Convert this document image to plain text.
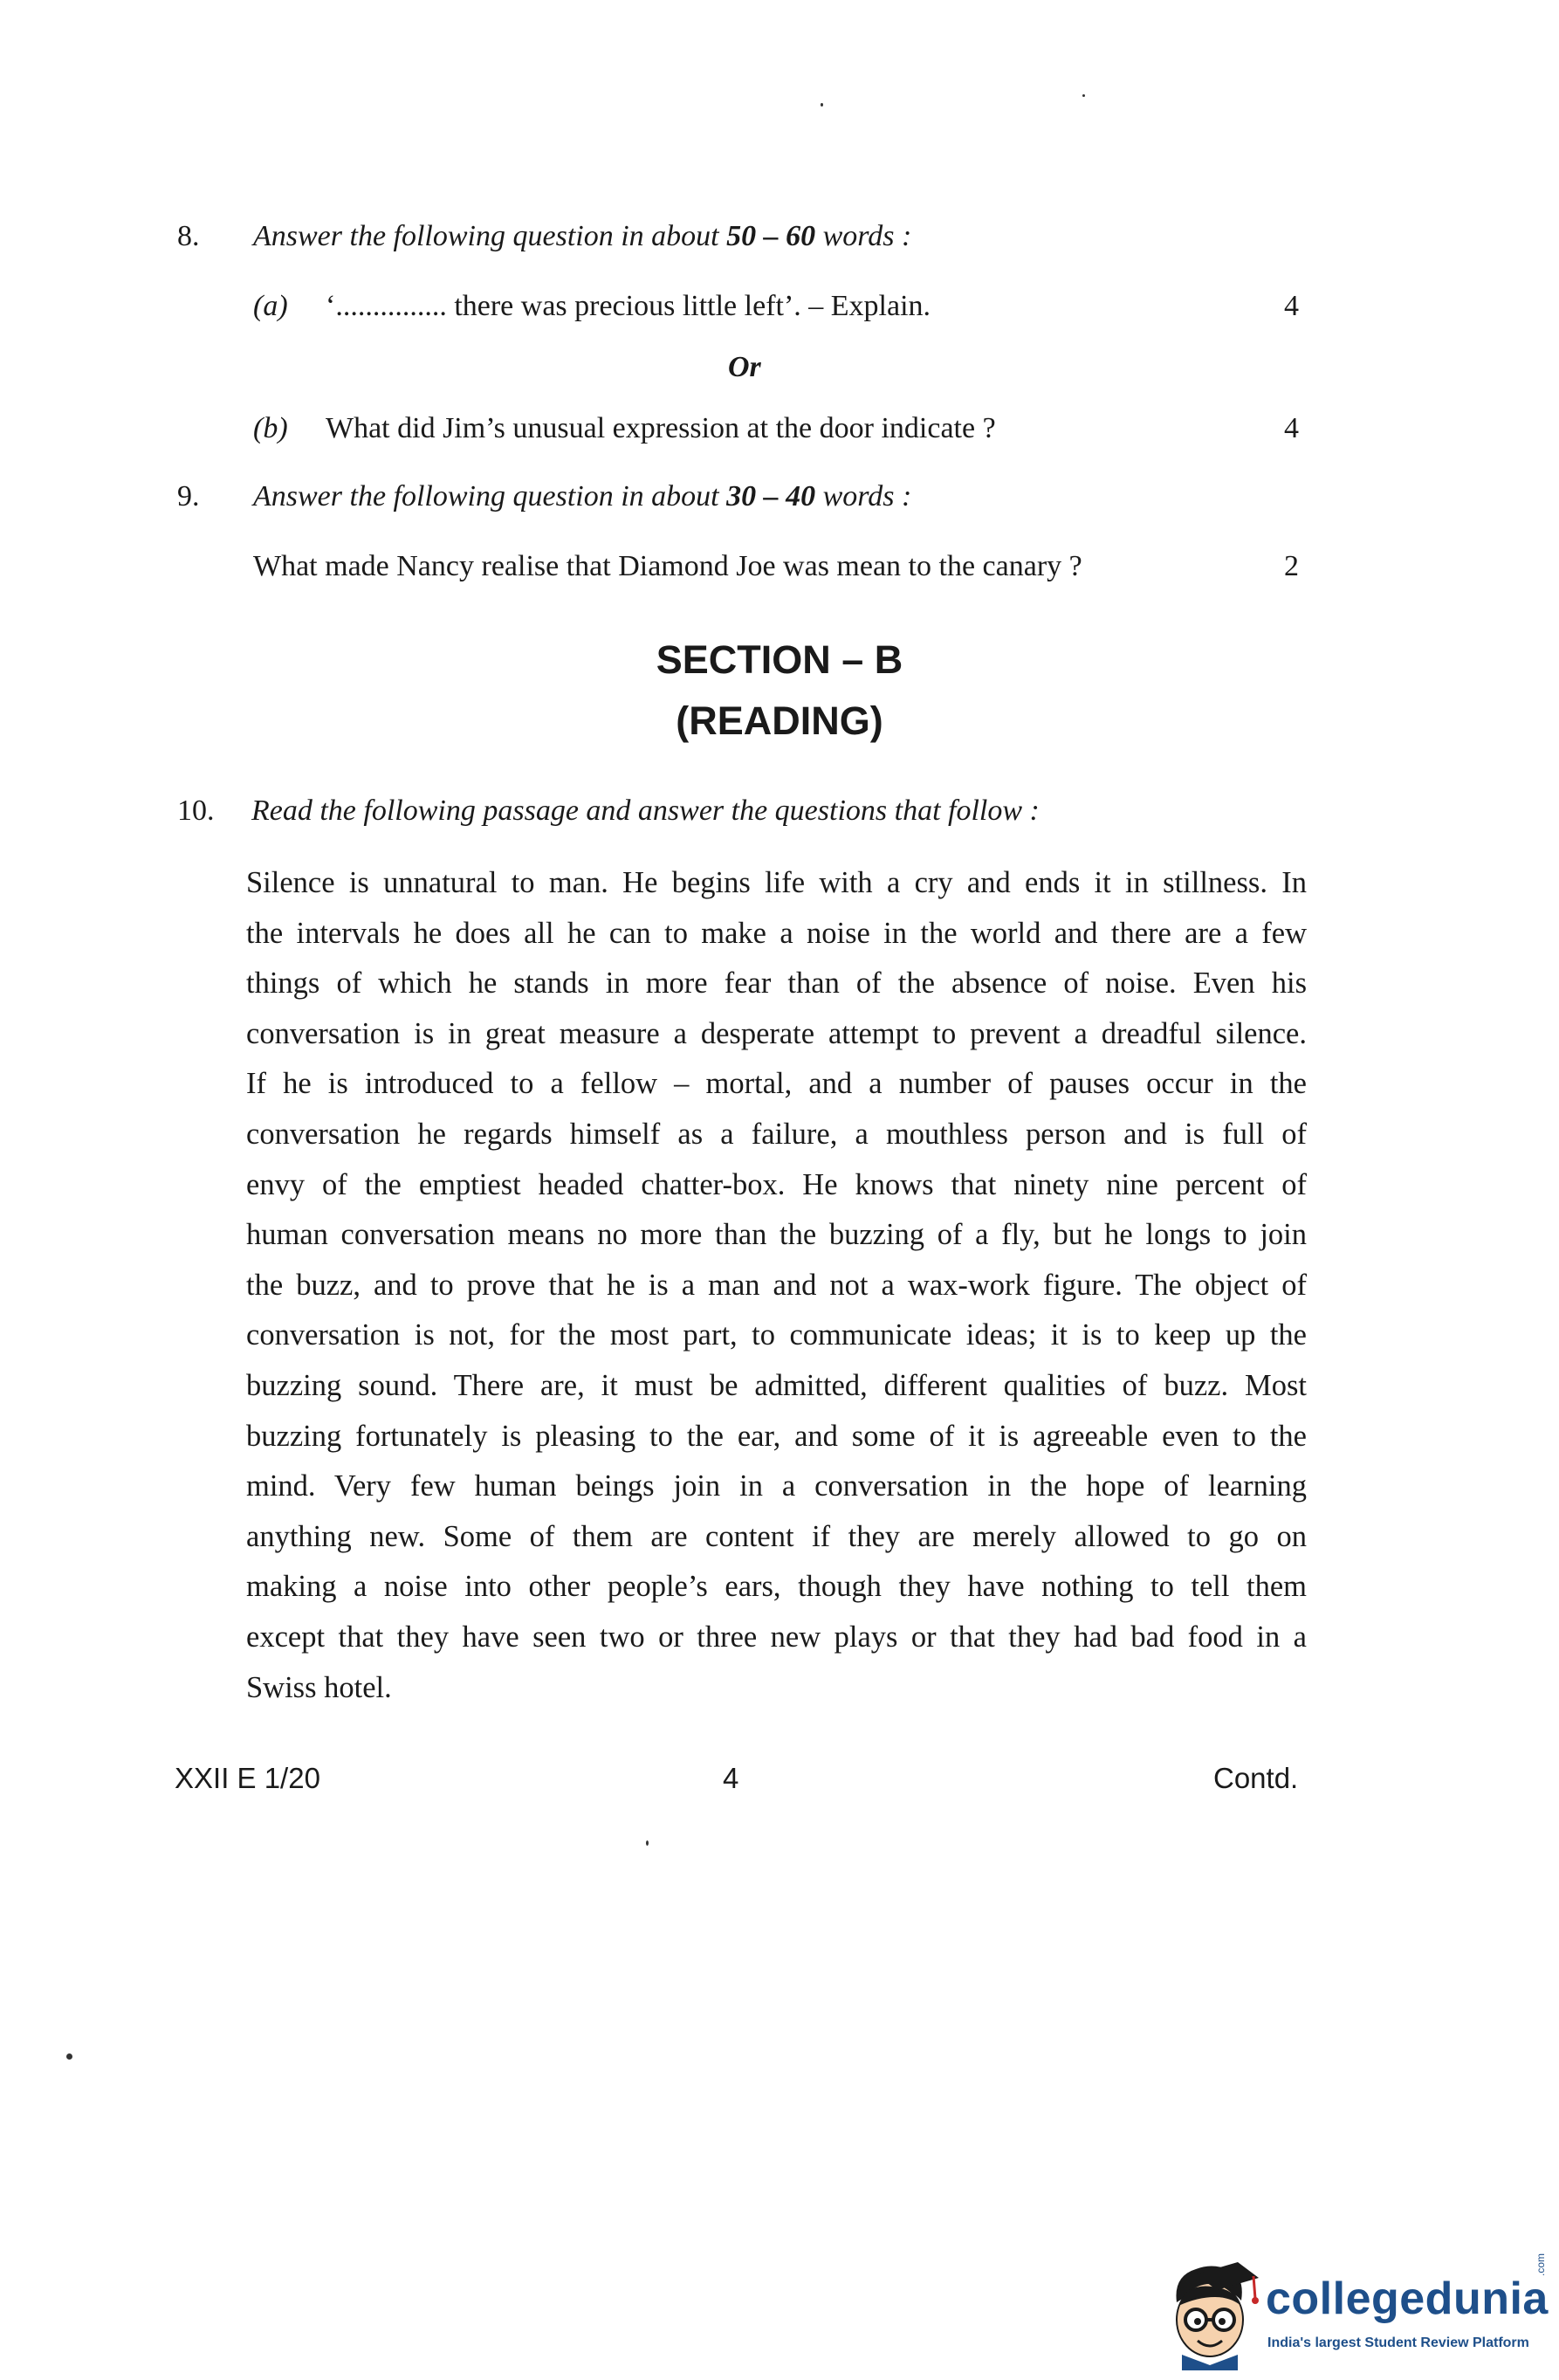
8. Answer the following question in about 50 – 60 words :
(a) ‘............... there was precious little left’. – Explain.	4
Or
(b) What did Jim’s unusual expression at the door indicate ?	4
9. Answer the following question in about 30 – 40 words :
What made Nancy realise that Diamond Joe was mean to the canary ?	2
SECTION – B
(READING)
10. Read the following passage and answer the questions that follow :
Silence is unnatural to man. He begins life with a cry and ends it in stillness. In
the intervals he does all he can to make a noise in the world and there are a few
things of which he stands in more fear than of the absence of noise. Even his
conversation is in great measure a desperate attempt to prevent a dreadful silence.
If he is introduced to a fellow – mortal, and a number of pauses occur in the
conversation he regards himself as a failure, a mouthless person and is full of
envy of the emptiest headed chatter-box. He knows that ninety nine percent of
human conversation means no more than the buzzing of a fly, but he longs to join
the buzz, and to prove that he is a man and not a wax-work figure. The object of
conversation is not, for the most part, to communicate ideas; it is to keep up the
buzzing sound. There are, it must be admitted, different qualities of buzz. Most
buzzing fortunately is pleasing to the ear, and some of it is agreeable even to the
mind. Very few human beings join in a conversation in the hope of learning
anything new. Some of them are content if they are merely allowed to go on
making a noise into other people’s ears, though they have nothing to tell them
except that they have seen two or three new plays or that they had bad food in a
Swiss hotel.
XXII E 1/20	4	Contd.
collegedunia
.com
India's largest Student Review Platform
